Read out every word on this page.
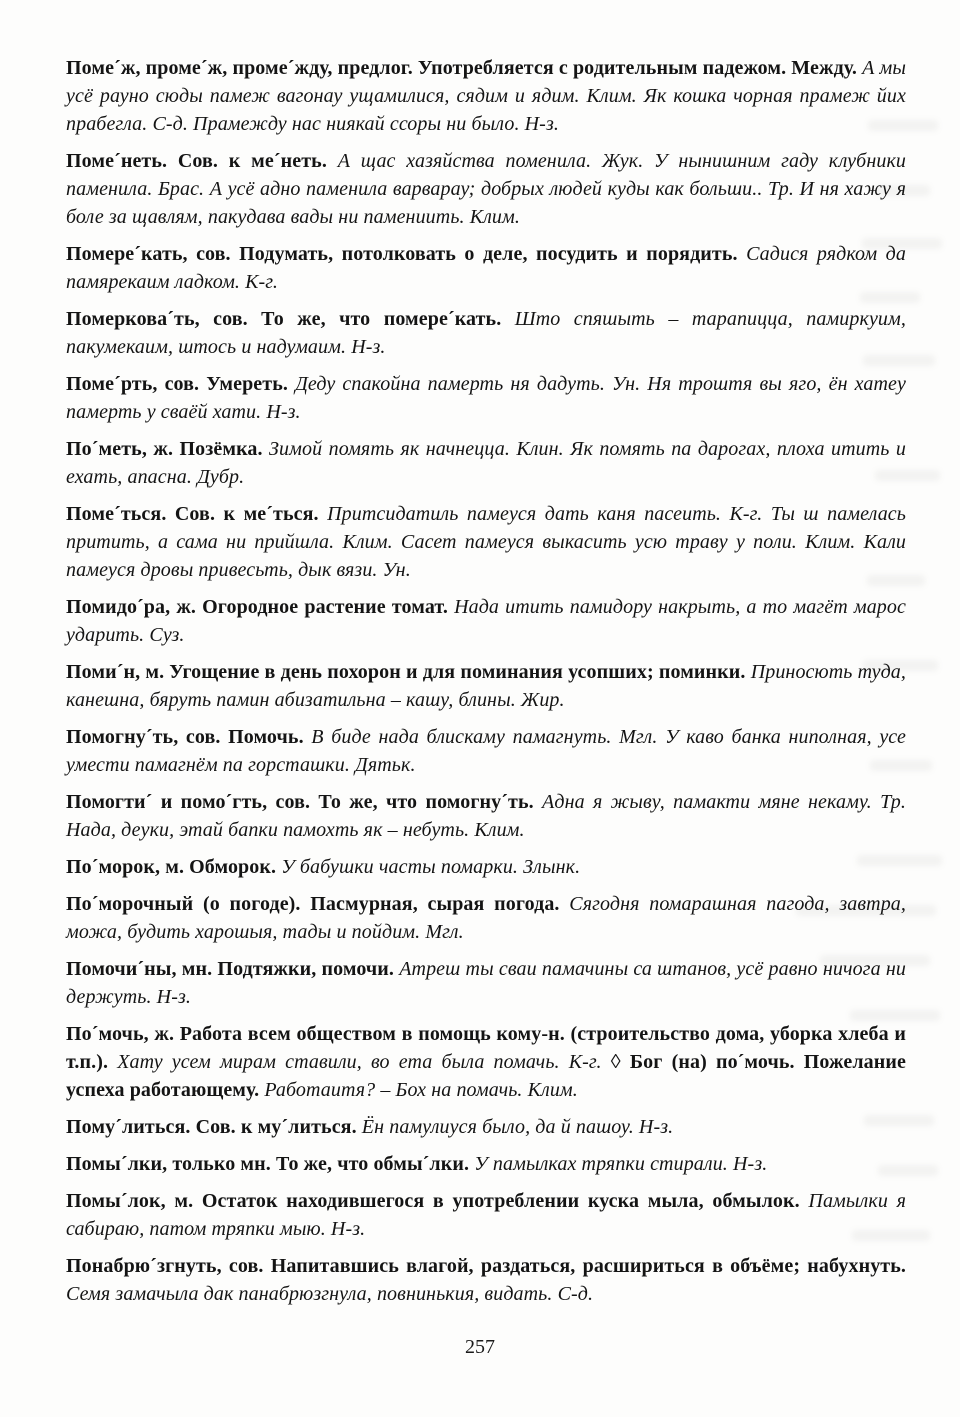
Поме´ж, проме´ж, проме´жду, предлог. Употребляется с родительным падежом. Между. А мы усё рауно сюды памеж вагонау ущамилися, сядим и ядим. Клим. Як кошка чорная прамеж йих прабегла. С-д. Прамежду нас ниякай ссоры ни было. Н-з.

Поме´неть. Сов. к ме´неть. А щас хазяйства поменила. Жук. У нынишним гаду клубники паменила. Брас. А усё адно паменила варварау; добрых людей куды как больши.. Тр. И ня хажу я боле за щавлям, пакудава вады ни памениить. Клим.

Помере´кать, сов. Подумать, потолковать о деле, посудить и порядить. Садися рядком да памярекаим ладком. К-г.

Померкова´ть, сов. То же, что помере´кать. Што спяшыть – тарапицца, памиркуим, пакумекаим, штось и надумаим. Н-з.

Поме´рть, сов. Умереть. Деду спакойна памерть ня дадуть. Ун. Ня троштя вы яго, ён хатеу памерть у сваёй хати. Н-з.

По´меть, ж. Позёмка. Зимой помять як начнецца. Клин. Як помять па дарогах, плоха итить и ехать, апасна. Дубр.

Поме´ться. Сов. к ме´ться. Притсидатиль памеуся дать каня пасеить. К-г. Ты ш памелась притить, а сама ни прийшла. Клим. Сасет памеуся выкасить усю траву у поли. Клим. Кали памеуся дровы привесьть, дык вязи. Ун.

Помидо´ра, ж. Огородное растение томат. Нада итить памидору накрыть, а то магёт марос ударить. Суз.

Поми´н, м. Угощение в день похорон и для поминания усопших; поминки. Приносють туда, канешна, бяруть памин абизатильна – кашу, блины. Жир.

Помогну´ть, сов. Помочь. В биде нада блискаму памагнуть. Мгл. У каво банка ниполная, усе умести памагнём па горсташки. Дятьк.

Помогти´ и помо´гть, сов. То же, что помогну´ть. Адна я жыву, памакти мяне некаму. Тр. Нада, деуки, этай бапки памохть як – небуть. Клим.

По´морок, м. Обморок. У бабушки часты помарки. Злынк.

По´морочный (о погоде). Пасмурная, сырая погода. Сягодня помарашная пагода, завтра, можа, будить харошыя, тады и пойдим. Мгл.

Помочи´ны, мн. Подтяжки, помочи. Атреш ты сваи памачины са штанов, усё равно ничога ни держуть. Н-з.

По´мочь, ж. Работа всем обществом в помощь кому-н. (строительство дома, уборка хлеба и т.п.). Хату усем мирам ставили, во ета была помачь. К-г. ◊ Бог (на) по´мочь. Пожелание успеха работающему. Работаитя? – Бох на помачь. Клим.

Пому´литься. Сов. к му´литься. Ён памулиуся было, да й пашоу. Н-з.

Помы´лки, только мн. То же, что обмы´лки. У памылках тряпки стирали. Н-з.

Помы´лок, м. Остаток находившегося в употреблении куска мыла, обмылок. Памылки я сабираю, патом тряпки мыю. Н-з.

Понабрю´згнуть, сов. Напитавшись влагой, раздаться, расшириться в объёме; набухнуть. Семя замачыла дак панабрюзгнула, повнинькия, видать. С-д.

257
